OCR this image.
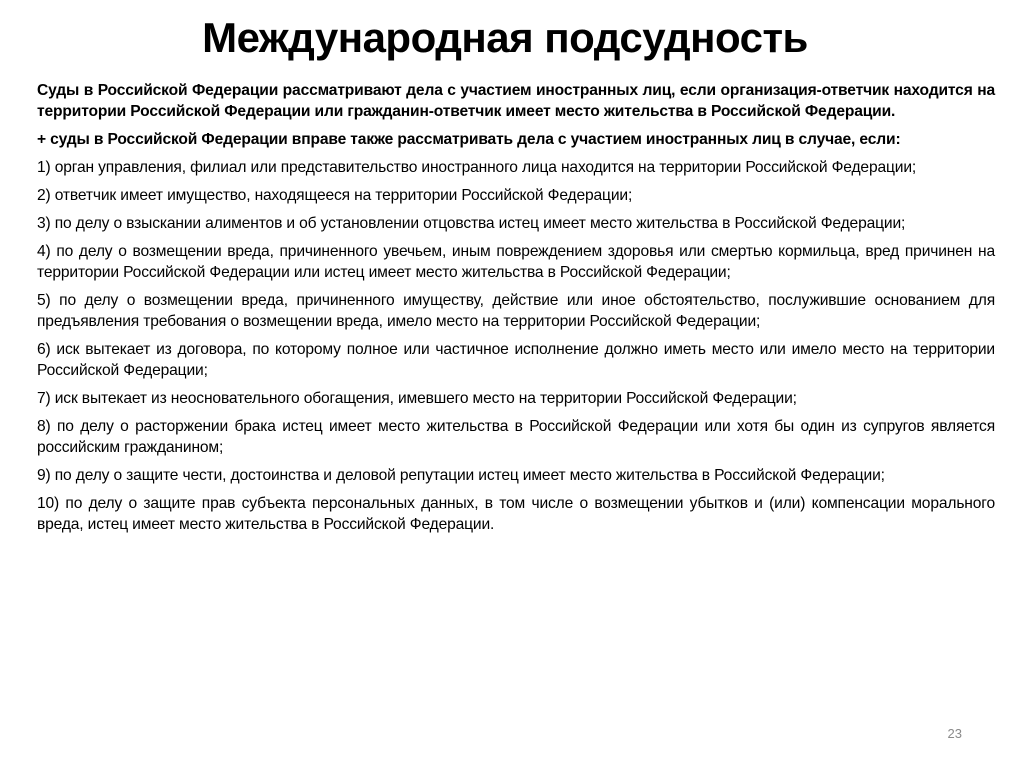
Международная подсудность

Суды в Российской Федерации рассматривают дела с участием иностранных лиц, если организация-ответчик находится на территории Российской Федерации или гражданин-ответчик имеет место жительства в Российской Федерации.

+ суды в Российской Федерации вправе также рассматривать дела с участием иностранных лиц в случае, если:

1) орган управления, филиал или представительство иностранного лица находится на территории Российской Федерации;

2) ответчик имеет имущество, находящееся на территории Российской Федерации;

3) по делу о взыскании алиментов и об установлении отцовства истец имеет место жительства в Российской Федерации;

4) по делу о возмещении вреда, причиненного увечьем, иным повреждением здоровья или смертью кормильца, вред причинен на территории Российской Федерации или истец имеет место жительства в Российской Федерации;

5) по делу о возмещении вреда, причиненного имуществу, действие или иное обстоятельство, послужившие основанием для предъявления требования о возмещении вреда, имело место на территории Российской Федерации;

6) иск вытекает из договора, по которому полное или частичное исполнение должно иметь место или имело место на территории Российской Федерации;

7) иск вытекает из неосновательного обогащения, имевшего место на территории Российской Федерации;

8) по делу о расторжении брака истец имеет место жительства в Российской Федерации или хотя бы один из супругов является российским гражданином;

9) по делу о защите чести, достоинства и деловой репутации истец имеет место жительства в Российской Федерации;

10) по делу о защите прав субъекта персональных данных, в том числе о возмещении убытков и (или) компенсации морального вреда, истец имеет место жительства в Российской Федерации.

23
